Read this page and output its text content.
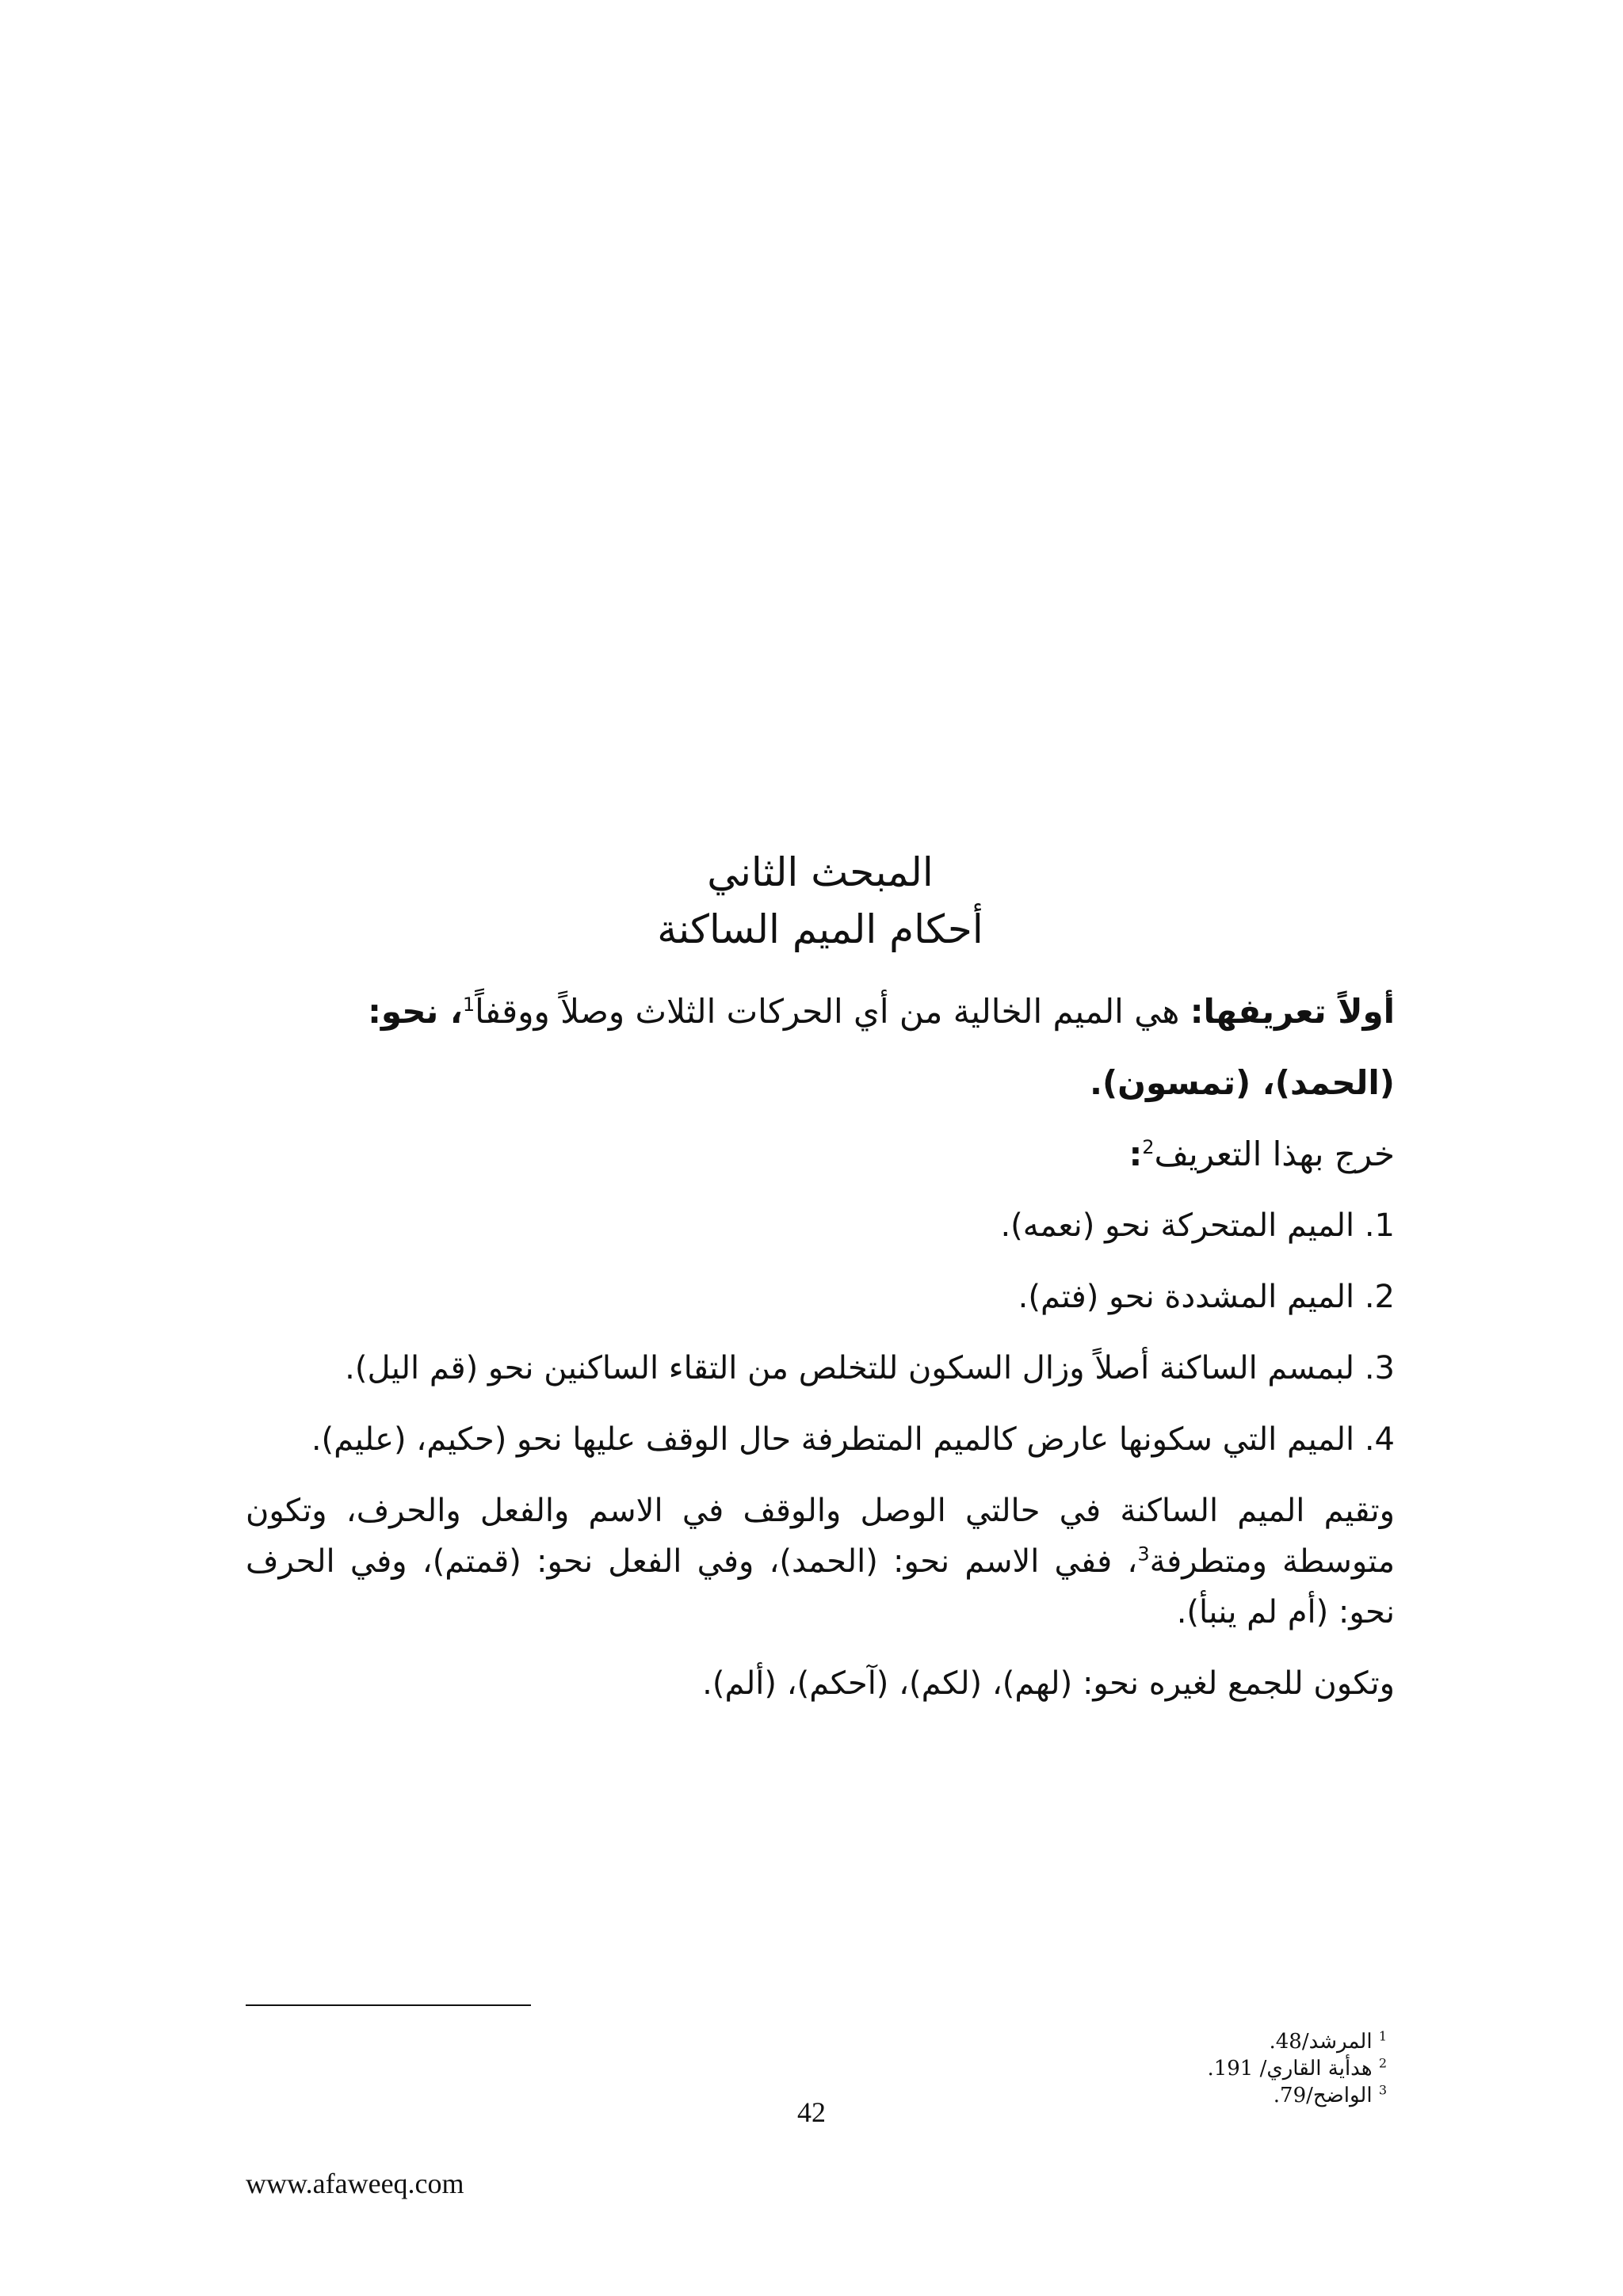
المبحث الثاني

أحكام الميم الساكنة

أولاً تعريفها: هي الميم الخالية من أي الحركات الثلاث وصلاً ووقفاً$^1$، نحو:

(الحمد)، (تمسون).

خرج بهذا التعريف$^2$:

1. الميم المتحركة نحو (نعمه).

2. الميم المشددة نحو (فتم).

3. لبمسم الساكنة أصلاً وزال السكون للتخلص من التقاء الساكنين نحو (قم اليل).

4. الميم التي سكونها عارض كالميم المتطرفة حال الوقف عليها نحو (حكيم، (عليم).

وتقيم الميم الساكنة في حالتي الوصل والوقف في الاسم والفعل والحرف، وتكون متوسطة ومتطرفة$^3$، ففي الاسم نحو: (الحمد)، وفي الفعل نحو: (قمتم)، وفي الحرف نحو: (أم لم ينبأ).

وتكون للجمع لغيره نحو: (لهم)، (لكم)، (آحكم)، (ألم).

$^1$ المرشد/48.

$^2$ هدأية القاري/ 191.

$^3$ الواضح/79.

42
www.afaweeq.com
